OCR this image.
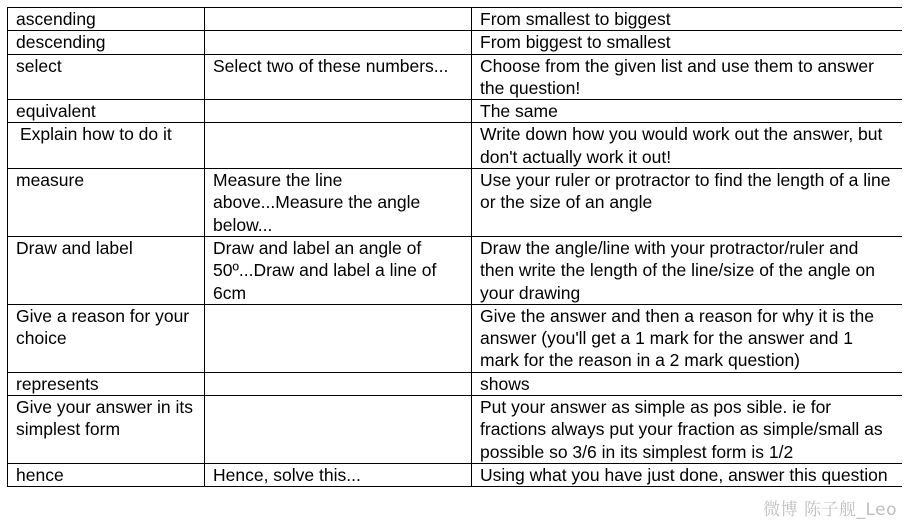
ascending		From smallest to biggest
descending		From biggest to smallest
select	Select two of these numbers...	Choose from the given list and use them to answer the question!
equivalent		The same
Explain how to do it		Write down how you would work out the answer, but don't actually work it out!
measure	Measure the line above...Measure the angle below...	Use your ruler or protractor to find the length of a line or the size of an angle
Draw and label	Draw and label an angle of 50º...Draw and label a line of 6cm	Draw the angle/line with your protractor/ruler and then write the length of the line/size of the angle on your drawing
Give a reason for your choice		Give the answer and then a reason for why it is the answer (you'll get a 1 mark for the answer and 1 mark for the reason in a 2 mark question)
represents		shows
Give your answer in its simplest form		Put your answer as simple as pos sible. ie for fractions always put your fraction as simple/small as possible so 3/6 in its simplest form is 1/2
hence	Hence, solve this...	Using what you have just done, answer this question
微博 陈子舰_Leo
